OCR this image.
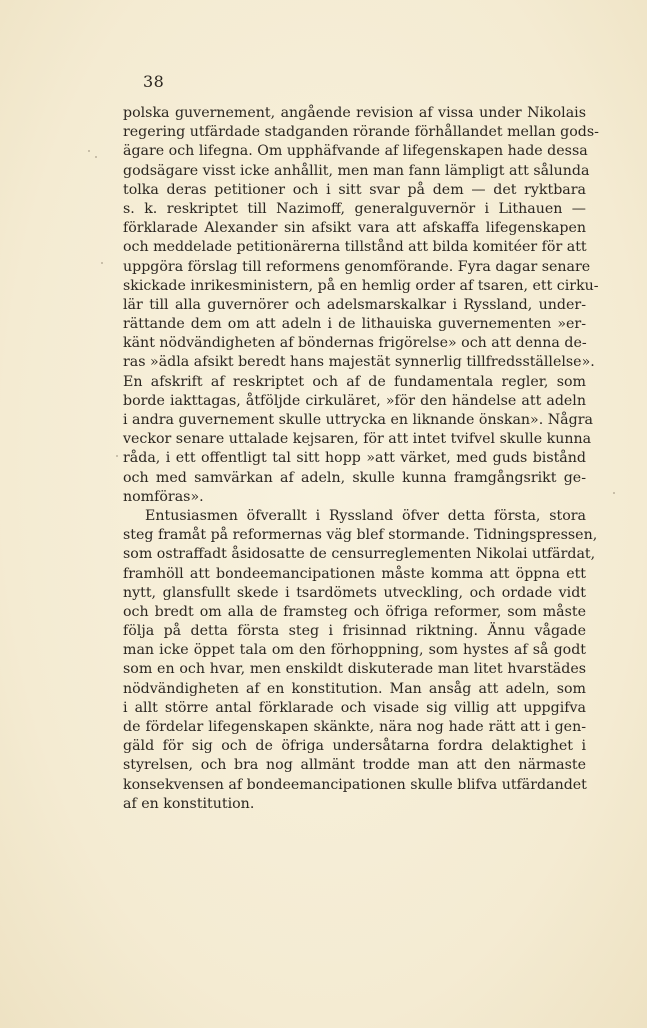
38
polska guvernement, angående revision af vissa under Nikolais
regering utfärdade stadganden rörande förhållandet mellan gods-
ägare och lifegna. Om upphäfvande af lifegenskapen hade dessa
godsägare visst icke anhållit, men man fann lämpligt att sålunda
tolka deras petitioner och i sitt svar på dem — det ryktbara
s. k. reskriptet till Nazimoff, generalguvernör i Lithauen —
förklarade Alexander sin afsikt vara att afskaffa lifegenskapen
och meddelade petitionärerna tillstånd att bilda komitéer för att
uppgöra förslag till reformens genomförande. Fyra dagar senare
skickade inrikesministern, på en hemlig order af tsaren, ett cirku-
lär till alla guvernörer och adelsmarskalkar i Ryssland, under-
rättande dem om att adeln i de lithauiska guvernementen »er-
känt nödvändigheten af böndernas frigörelse» och att denna de-
ras »ädla afsikt beredt hans majestät synnerlig tillfredsställelse».
En afskrift af reskriptet och af de fundamentala regler, som
borde iakttagas, åtföljde cirkuläret, »för den händelse att adeln
i andra guvernement skulle uttrycka en liknande önskan». Några
veckor senare uttalade kejsaren, för att intet tvifvel skulle kunna
råda, i ett offentligt tal sitt hopp »att värket, med guds bistånd
och med samvärkan af adeln, skulle kunna framgångsrikt ge-
nomföras».
Entusiasmen öfverallt i Ryssland öfver detta första, stora
steg framåt på reformernas väg blef stormande. Tidningspressen,
som ostraffadt åsidosatte de censurreglementen Nikolai utfärdat,
framhöll att bondeemancipationen måste komma att öppna ett
nytt, glansfullt skede i tsardömets utveckling, och ordade vidt
och bredt om alla de framsteg och öfriga reformer, som måste
följa på detta första steg i frisinnad riktning. Ännu vågade
man icke öppet tala om den förhoppning, som hystes af så godt
som en och hvar, men enskildt diskuterade man litet hvarstädes
nödvändigheten af en konstitution. Man ansåg att adeln, som
i allt större antal förklarade och visade sig villig att uppgifva
de fördelar lifegenskapen skänkte, nära nog hade rätt att i gen-
gäld för sig och de öfriga undersåtarna fordra delaktighet i
styrelsen, och bra nog allmänt trodde man att den närmaste
konsekvensen af bondeemancipationen skulle blifva utfärdandet
af en konstitution.
